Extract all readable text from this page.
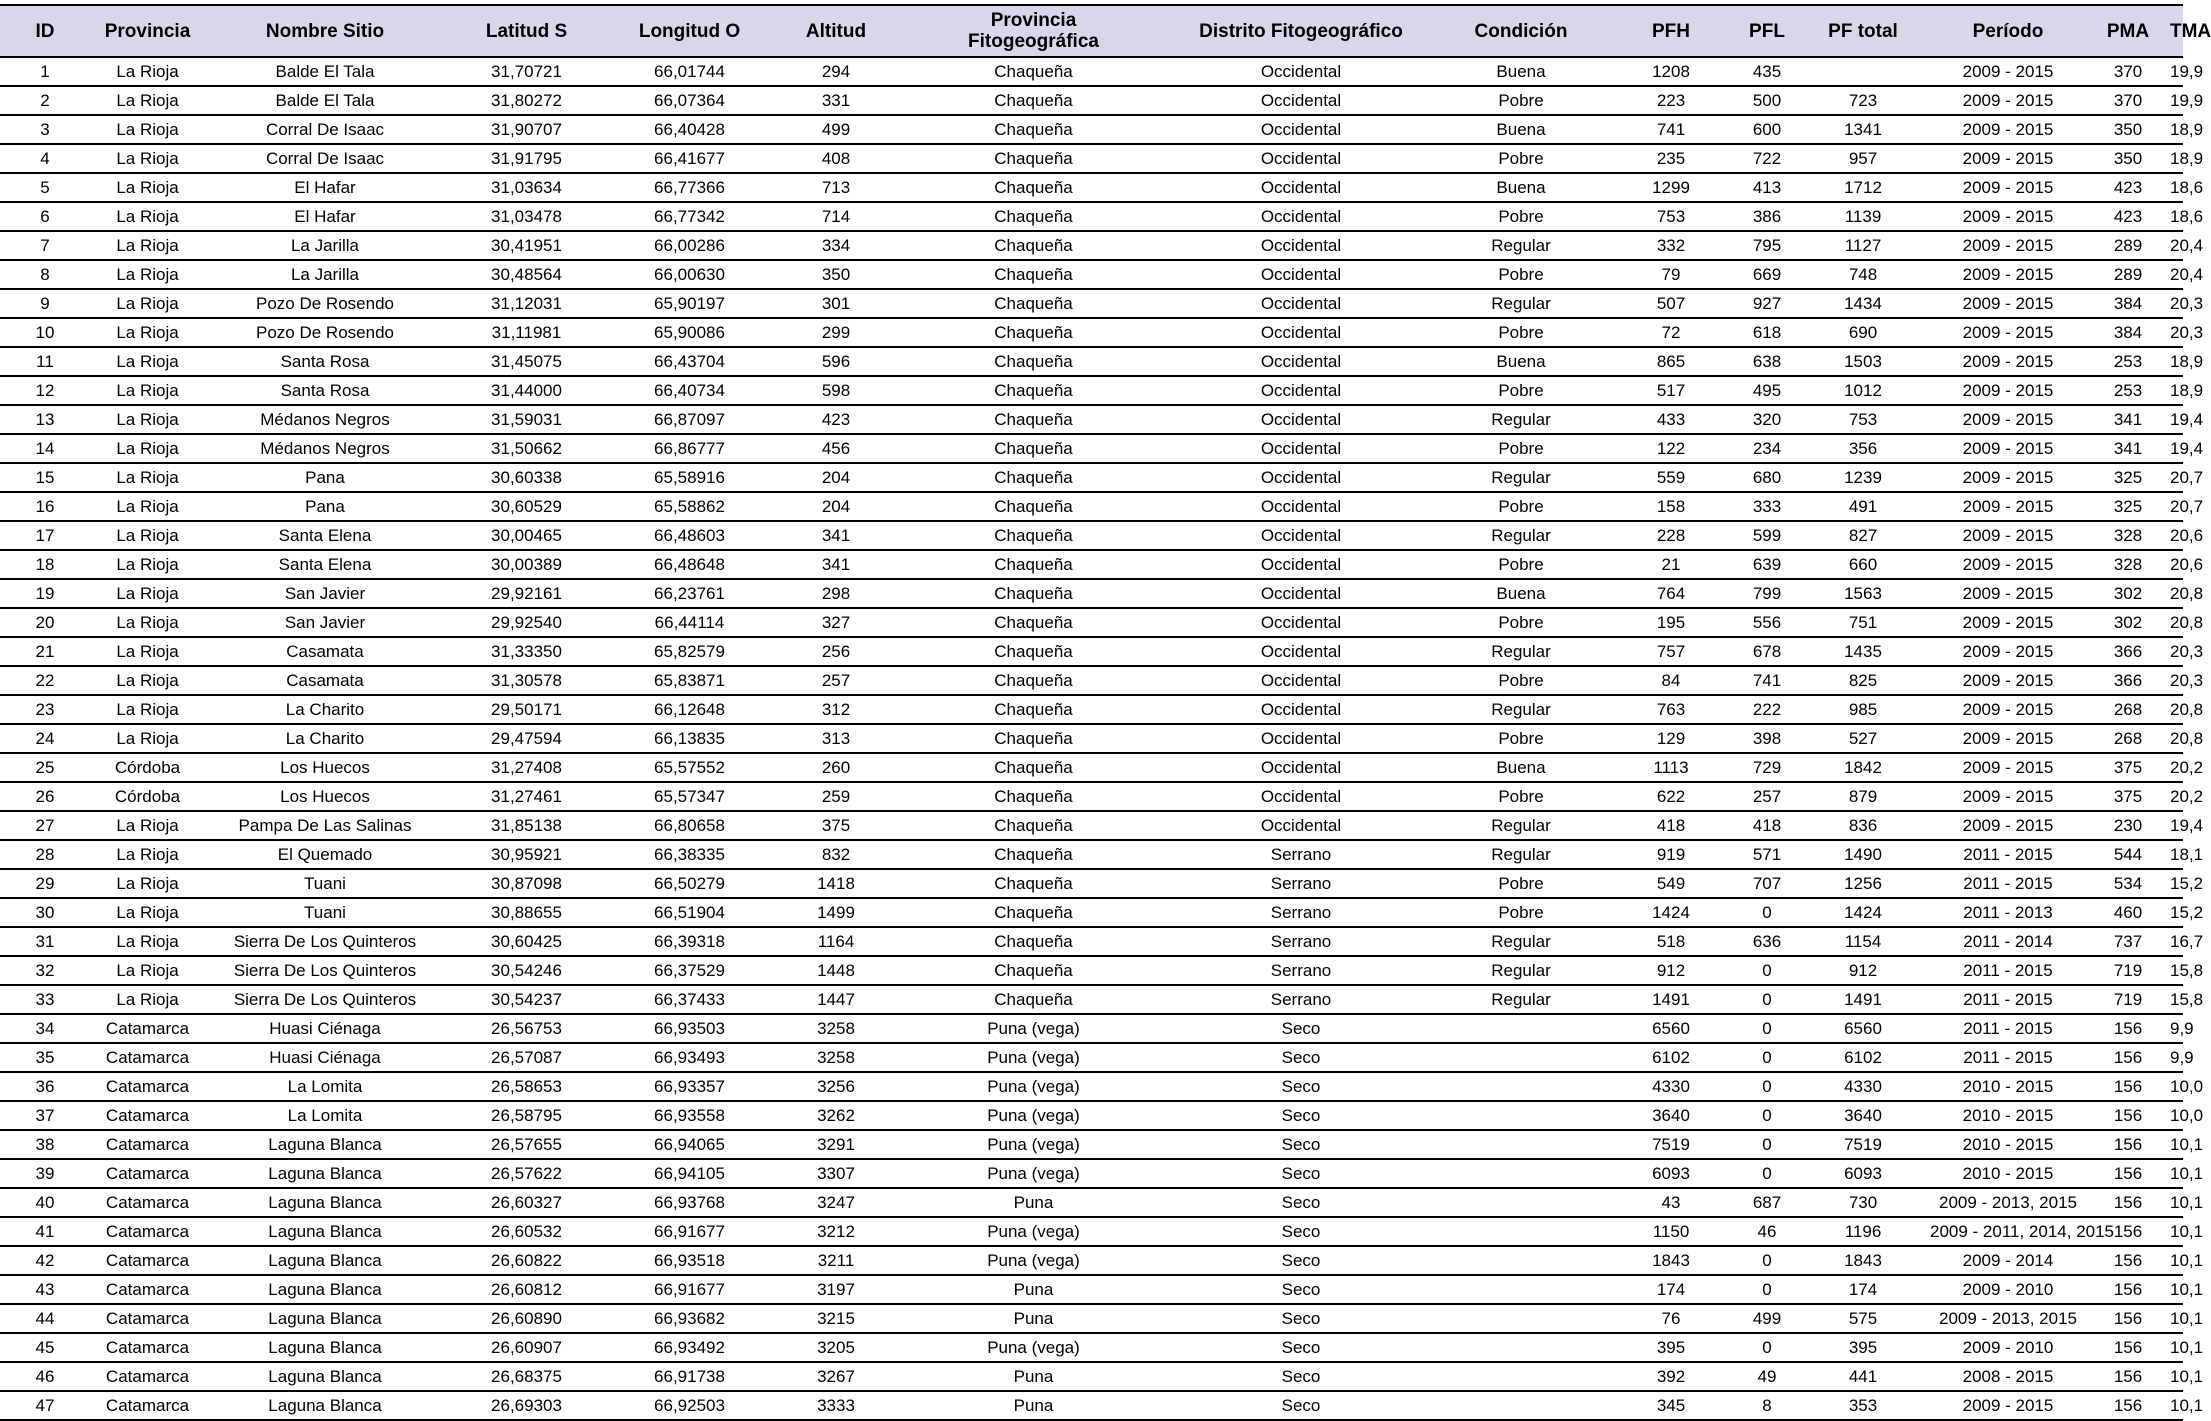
ID	Provincia	Nombre Sitio	Latitud S	Longitud O	Altitud	Provincia
Fitogeográfica	Distrito Fitogeográfico	Condición	PFH	PFL	PF total	Período	PMA	TMA
1	La Rioja	Balde El Tala	31,70721	66,01744	294	Chaqueña	Occidental	Buena	1208	435		2009 - 2015	370	19,9
2	La Rioja	Balde El Tala	31,80272	66,07364	331	Chaqueña	Occidental	Pobre	223	500	723	2009 - 2015	370	19,9
3	La Rioja	Corral De Isaac	31,90707	66,40428	499	Chaqueña	Occidental	Buena	741	600	1341	2009 - 2015	350	18,9
4	La Rioja	Corral De Isaac	31,91795	66,41677	408	Chaqueña	Occidental	Pobre	235	722	957	2009 - 2015	350	18,9
5	La Rioja	El Hafar	31,03634	66,77366	713	Chaqueña	Occidental	Buena	1299	413	1712	2009 - 2015	423	18,6
6	La Rioja	El Hafar	31,03478	66,77342	714	Chaqueña	Occidental	Pobre	753	386	1139	2009 - 2015	423	18,6
7	La Rioja	La Jarilla	30,41951	66,00286	334	Chaqueña	Occidental	Regular	332	795	1127	2009 - 2015	289	20,4
8	La Rioja	La Jarilla	30,48564	66,00630	350	Chaqueña	Occidental	Pobre	79	669	748	2009 - 2015	289	20,4
9	La Rioja	Pozo De Rosendo	31,12031	65,90197	301	Chaqueña	Occidental	Regular	507	927	1434	2009 - 2015	384	20,3
10	La Rioja	Pozo De Rosendo	31,11981	65,90086	299	Chaqueña	Occidental	Pobre	72	618	690	2009 - 2015	384	20,3
11	La Rioja	Santa Rosa	31,45075	66,43704	596	Chaqueña	Occidental	Buena	865	638	1503	2009 - 2015	253	18,9
12	La Rioja	Santa Rosa	31,44000	66,40734	598	Chaqueña	Occidental	Pobre	517	495	1012	2009 - 2015	253	18,9
13	La Rioja	Médanos Negros	31,59031	66,87097	423	Chaqueña	Occidental	Regular	433	320	753	2009 - 2015	341	19,4
14	La Rioja	Médanos Negros	31,50662	66,86777	456	Chaqueña	Occidental	Pobre	122	234	356	2009 - 2015	341	19,4
15	La Rioja	Pana	30,60338	65,58916	204	Chaqueña	Occidental	Regular	559	680	1239	2009 - 2015	325	20,7
16	La Rioja	Pana	30,60529	65,58862	204	Chaqueña	Occidental	Pobre	158	333	491	2009 - 2015	325	20,7
17	La Rioja	Santa Elena	30,00465	66,48603	341	Chaqueña	Occidental	Regular	228	599	827	2009 - 2015	328	20,6
18	La Rioja	Santa Elena	30,00389	66,48648	341	Chaqueña	Occidental	Pobre	21	639	660	2009 - 2015	328	20,6
19	La Rioja	San Javier	29,92161	66,23761	298	Chaqueña	Occidental	Buena	764	799	1563	2009 - 2015	302	20,8
20	La Rioja	San Javier	29,92540	66,44114	327	Chaqueña	Occidental	Pobre	195	556	751	2009 - 2015	302	20,8
21	La Rioja	Casamata	31,33350	65,82579	256	Chaqueña	Occidental	Regular	757	678	1435	2009 - 2015	366	20,3
22	La Rioja	Casamata	31,30578	65,83871	257	Chaqueña	Occidental	Pobre	84	741	825	2009 - 2015	366	20,3
23	La Rioja	La Charito	29,50171	66,12648	312	Chaqueña	Occidental	Regular	763	222	985	2009 - 2015	268	20,8
24	La Rioja	La Charito	29,47594	66,13835	313	Chaqueña	Occidental	Pobre	129	398	527	2009 - 2015	268	20,8
25	Córdoba	Los Huecos	31,27408	65,57552	260	Chaqueña	Occidental	Buena	1113	729	1842	2009 - 2015	375	20,2
26	Córdoba	Los Huecos	31,27461	65,57347	259	Chaqueña	Occidental	Pobre	622	257	879	2009 - 2015	375	20,2
27	La Rioja	Pampa De Las Salinas	31,85138	66,80658	375	Chaqueña	Occidental	Regular	418	418	836	2009 - 2015	230	19,4
28	La Rioja	El Quemado	30,95921	66,38335	832	Chaqueña	Serrano	Regular	919	571	1490	2011 - 2015	544	18,1
29	La Rioja	Tuani	30,87098	66,50279	1418	Chaqueña	Serrano	Pobre	549	707	1256	2011 - 2015	534	15,2
30	La Rioja	Tuani	30,88655	66,51904	1499	Chaqueña	Serrano	Pobre	1424	0	1424	2011 - 2013	460	15,2
31	La Rioja	Sierra De Los Quinteros	30,60425	66,39318	1164	Chaqueña	Serrano	Regular	518	636	1154	2011 - 2014	737	16,7
32	La Rioja	Sierra De Los Quinteros	30,54246	66,37529	1448	Chaqueña	Serrano	Regular	912	0	912	2011 - 2015	719	15,8
33	La Rioja	Sierra De Los Quinteros	30,54237	66,37433	1447	Chaqueña	Serrano	Regular	1491	0	1491	2011 - 2015	719	15,8
34	Catamarca	Huasi Ciénaga	26,56753	66,93503	3258	Puna (vega)	Seco		6560	0	6560	2011 - 2015	156	9,9
35	Catamarca	Huasi Ciénaga	26,57087	66,93493	3258	Puna (vega)	Seco		6102	0	6102	2011 - 2015	156	9,9
36	Catamarca	La Lomita	26,58653	66,93357	3256	Puna (vega)	Seco		4330	0	4330	2010 - 2015	156	10,0
37	Catamarca	La Lomita	26,58795	66,93558	3262	Puna (vega)	Seco		3640	0	3640	2010 - 2015	156	10,0
38	Catamarca	Laguna Blanca	26,57655	66,94065	3291	Puna (vega)	Seco		7519	0	7519	2010 - 2015	156	10,1
39	Catamarca	Laguna Blanca	26,57622	66,94105	3307	Puna (vega)	Seco		6093	0	6093	2010 - 2015	156	10,1
40	Catamarca	Laguna Blanca	26,60327	66,93768	3247	Puna	Seco		43	687	730	2009 - 2013, 2015	156	10,1
41	Catamarca	Laguna Blanca	26,60532	66,91677	3212	Puna (vega)	Seco		1150	46	1196	2009 - 2011, 2014, 2015	156	10,1
42	Catamarca	Laguna Blanca	26,60822	66,93518	3211	Puna (vega)	Seco		1843	0	1843	2009 - 2014	156	10,1
43	Catamarca	Laguna Blanca	26,60812	66,91677	3197	Puna	Seco		174	0	174	2009 - 2010	156	10,1
44	Catamarca	Laguna Blanca	26,60890	66,93682	3215	Puna	Seco		76	499	575	2009 - 2013, 2015	156	10,1
45	Catamarca	Laguna Blanca	26,60907	66,93492	3205	Puna (vega)	Seco		395	0	395	2009 - 2010	156	10,1
46	Catamarca	Laguna Blanca	26,68375	66,91738	3267	Puna	Seco		392	49	441	2008 - 2015	156	10,1
47	Catamarca	Laguna Blanca	26,69303	66,92503	3333	Puna	Seco		345	8	353	2009 - 2015	156	10,1
